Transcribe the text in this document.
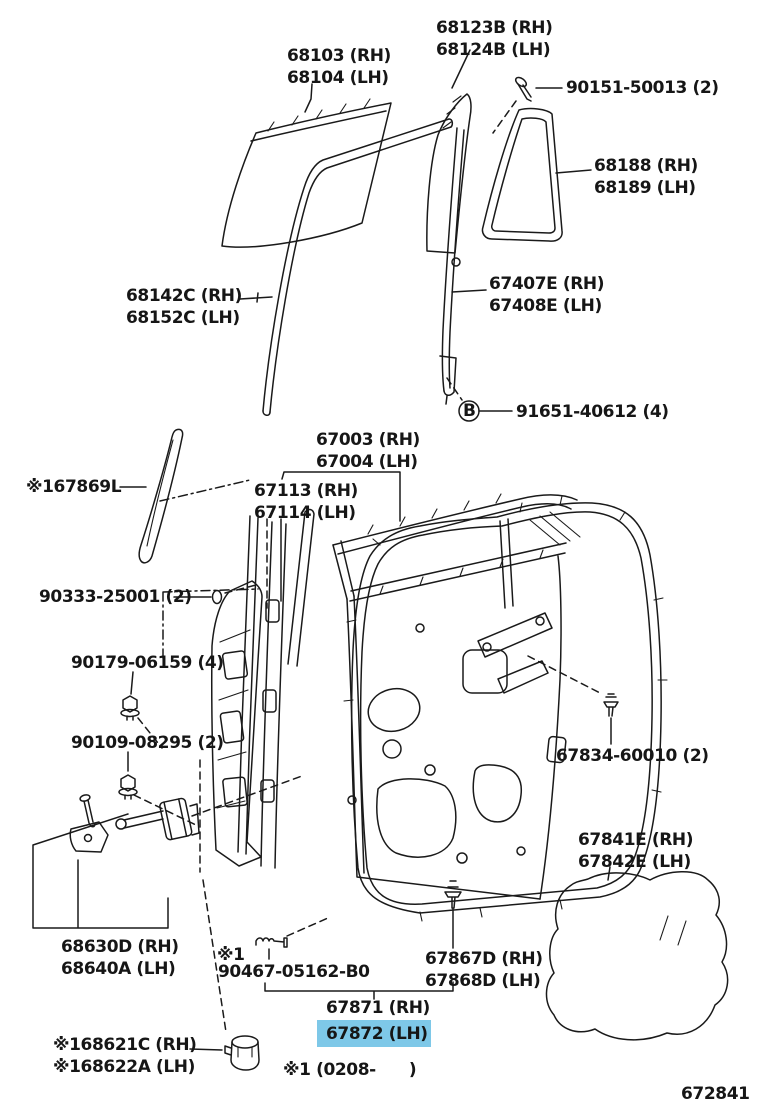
68103 (RH)
68104 (LH)
68123B (RH)
68124B (LH)
90151-50013 (2)
68188 (RH)
68189 (LH)
68142C (RH)
68152C (LH)
67407E (RH)
67408E (LH)
B 91651-40612 (4)
67003 (RH)
67004 (LH)
※167869L	67113 (RH)
67114 (LH)
90333-25001 (2)
90179-06159 (4)
90109-08295 (2)
67834-60010 (2)
67841E (RH)
67842E (LH)
68630D (RH)
68640A (LH)
※1
90467-05162-B0
67867D (RH)
67868D (LH)
67871 (RH)
67872 (LH)
※168621C (RH)
※168622A (LH)	※1 (0208-      )
672841
